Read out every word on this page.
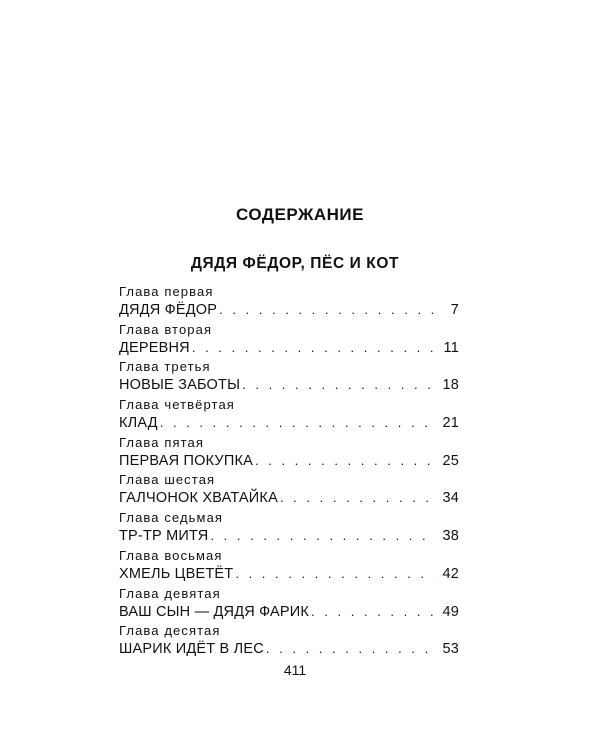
СОДЕРЖАНИЕ
ДЯДЯ ФЁДОР, ПЁС И КОТ
Глава первая
ДЯДЯ ФЁДОР . . .	7
Глава вторая
ДЕРЕВНЯ . . .	11
Глава третья
НОВЫЕ ЗАБОТЫ . . .	18
Глава четвёртая
КЛАД . . .	21
Глава пятая
ПЕРВАЯ ПОКУПКА . . .	25
Глава шестая
ГАЛЧОНОК ХВАТАЙКА . . .	34
Глава седьмая
ТР-ТР МИТЯ . . .	38
Глава восьмая
ХМЕЛЬ ЦВЕТЁТ . . .	42
Глава девятая
ВАШ СЫН — ДЯДЯ ФАРИК . . .	49
Глава десятая
ШАРИК ИДЁТ В ЛЕС . . .	53
411
